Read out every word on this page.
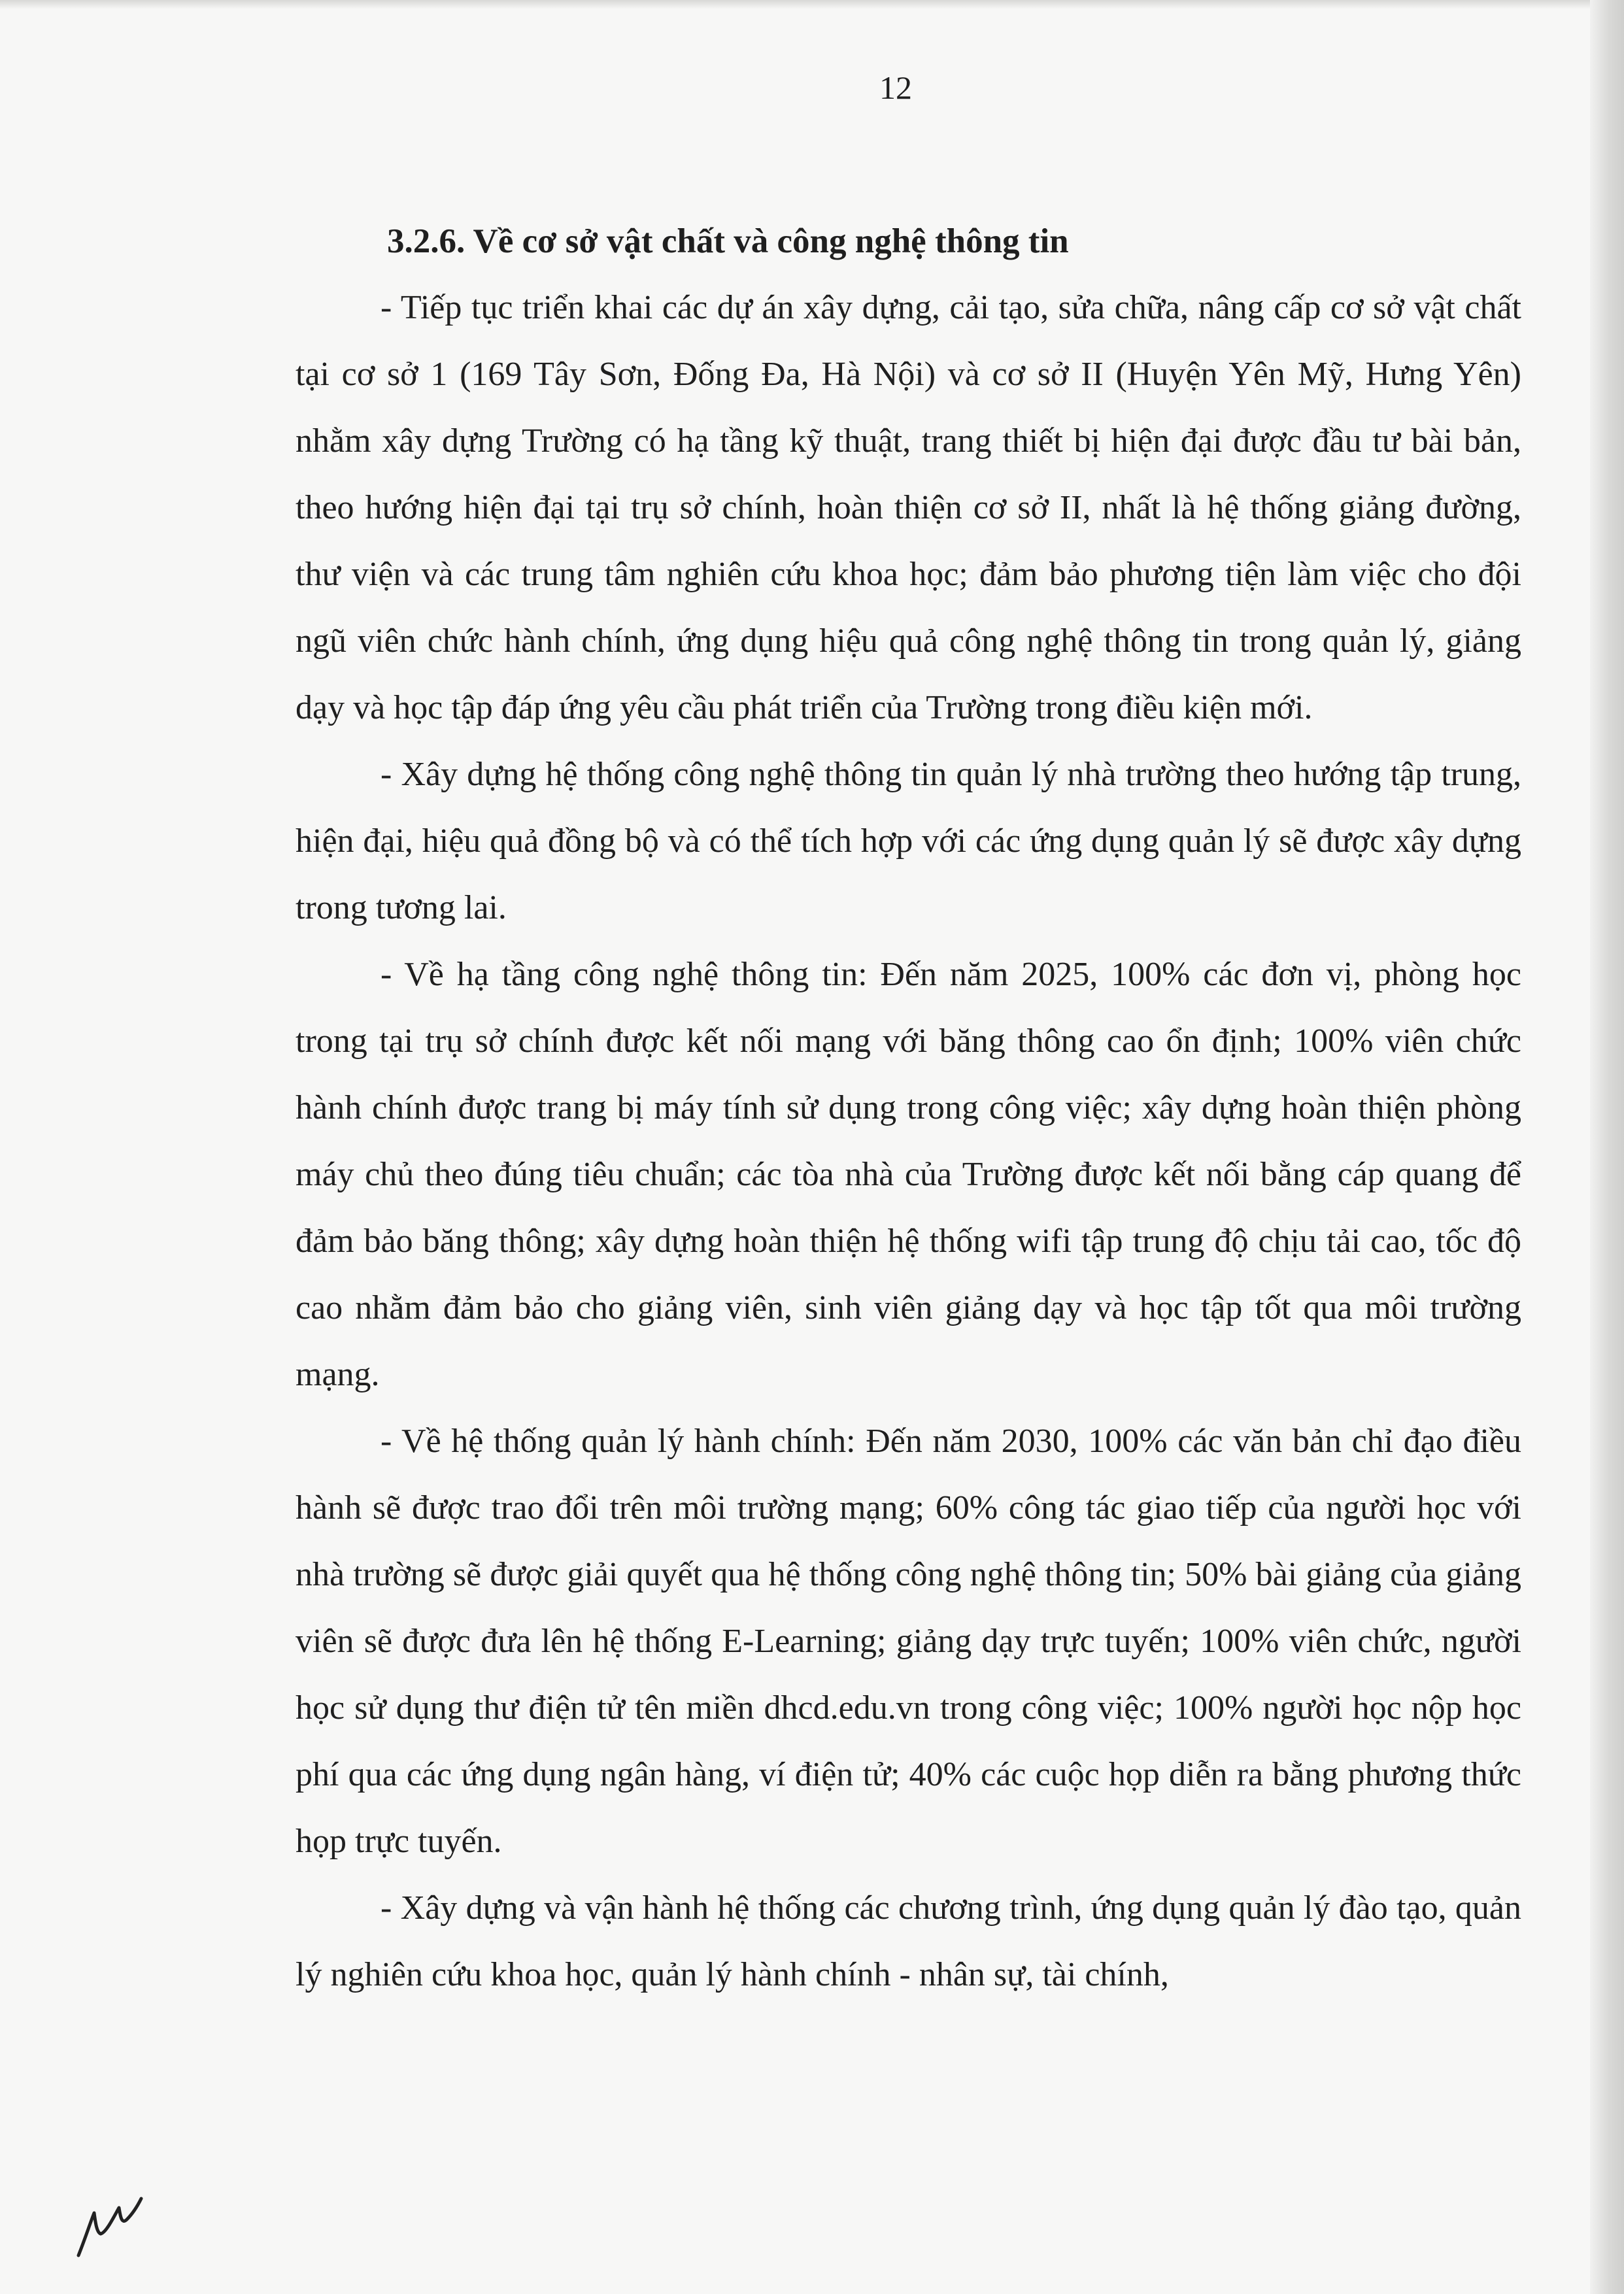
12
3.2.6. Về cơ sở vật chất và công nghệ thông tin

- Tiếp tục triển khai các dự án xây dựng, cải tạo, sửa chữa, nâng cấp cơ sở vật chất tại cơ sở 1 (169 Tây Sơn, Đống Đa, Hà Nội) và cơ sở II (Huyện Yên Mỹ, Hưng Yên) nhằm xây dựng Trường có hạ tầng kỹ thuật, trang thiết bị hiện đại được đầu tư bài bản, theo hướng hiện đại tại trụ sở chính, hoàn thiện cơ sở II, nhất là hệ thống giảng đường, thư viện và các trung tâm nghiên cứu khoa học; đảm bảo phương tiện làm việc cho đội ngũ viên chức hành chính, ứng dụng hiệu quả công nghệ thông tin trong quản lý, giảng dạy và học tập đáp ứng yêu cầu phát triển của Trường trong điều kiện mới.

- Xây dựng hệ thống công nghệ thông tin quản lý nhà trường theo hướng tập trung, hiện đại, hiệu quả đồng bộ và có thể tích hợp với các ứng dụng quản lý sẽ được xây dựng trong tương lai.

- Về hạ tầng công nghệ thông tin: Đến năm 2025, 100% các đơn vị, phòng học trong tại trụ sở chính được kết nối mạng với băng thông cao ổn định; 100% viên chức hành chính được trang bị máy tính sử dụng trong công việc; xây dựng hoàn thiện phòng máy chủ theo đúng tiêu chuẩn; các tòa nhà của Trường được kết nối bằng cáp quang để đảm bảo băng thông; xây dựng hoàn thiện hệ thống wifi tập trung độ chịu tải cao, tốc độ cao nhằm đảm bảo cho giảng viên, sinh viên giảng dạy và học tập tốt qua môi trường mạng.

- Về hệ thống quản lý hành chính: Đến năm 2030, 100% các văn bản chỉ đạo điều hành sẽ được trao đổi trên môi trường mạng; 60% công tác giao tiếp của người học với nhà trường sẽ được giải quyết qua hệ thống công nghệ thông tin; 50% bài giảng của giảng viên sẽ được đưa lên hệ thống E-Learning; giảng dạy trực tuyến; 100% viên chức, người học sử dụng thư điện tử tên miền dhcd.edu.vn trong công việc; 100% người học nộp học phí qua các ứng dụng ngân hàng, ví điện tử; 40% các cuộc họp diễn ra bằng phương thức họp trực tuyến.

- Xây dựng và vận hành hệ thống các chương trình, ứng dụng quản lý đào tạo, quản lý nghiên cứu khoa học, quản lý hành chính - nhân sự, tài chính,
